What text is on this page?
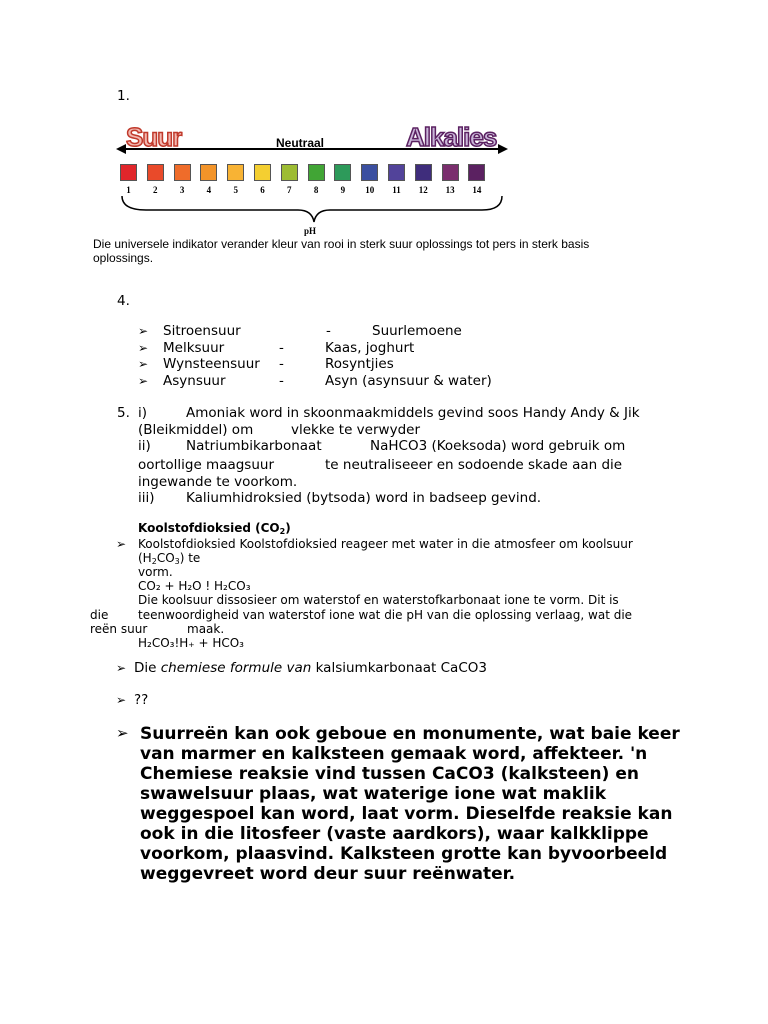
1.
Suur	Neutraal	Alkalies
1	2	3	4	5	6	7	8	9	10	11	12	13	14
pH
Die universele indikator verander kleur van rooi in sterk suur oplossings tot pers in sterk basis
oplossings.
4.
➢ Sitroensuur	-	Suurlemoene
➢ Melksuur	-	Kaas, joghurt
➢ Wynsteensuur -	Rosyntjies
➢ Asynsuur	-	Asyn (asynsuur & water)
5. i)	Amoniak word in skoonmaakmiddels gevind soos Handy Andy & Jik
(Bleikmiddel) om	vlekke te verwyder
ii)	Natriumbikarbonaat	NaHCO3 (Koeksoda) word gebruik om
oortollige maagsuur	te neutraliseeer en sodoende skade aan die
ingewande te voorkom.
iii) Kaliumhidroksied (bytsoda) word in badseep gevind.
Koolstofdioksied $(CO_2)$
➢ Koolstofdioksied Koolstofdioksied reageer met water in die atmosfeer om koolsuur
$(H_2CO_3)$ te
vorm.
CO₂ + H₂O ! H₂CO₃
Die koolsuur dissosieer om waterstof en waterstofkarbonaat ione te vorm. Dit is
die teenwoordigheid van waterstof ione wat die pH van die oplossing verlaag, wat die
reën suur	maak.
H₂CO₃!H₊ + HCO₃
➢ Die chemiese formule van kalsiumkarbonaat CaCO3
➢ ??
➢ Suurreën kan ook geboue en monumente, wat baie keer
van marmer en kalksteen gemaak word, affekteer. 'n
Chemiese reaksie vind tussen CaCO3 (kalksteen) en
swawelsuur plaas, wat waterige ione wat maklik
weggespoel kan word, laat vorm. Dieselfde reaksie kan
ook in die litosfeer (vaste aardkors), waar kalkklippe
voorkom, plaasvind. Kalksteen grotte kan byvoorbeeld
weggevreet word deur suur reënwater.
